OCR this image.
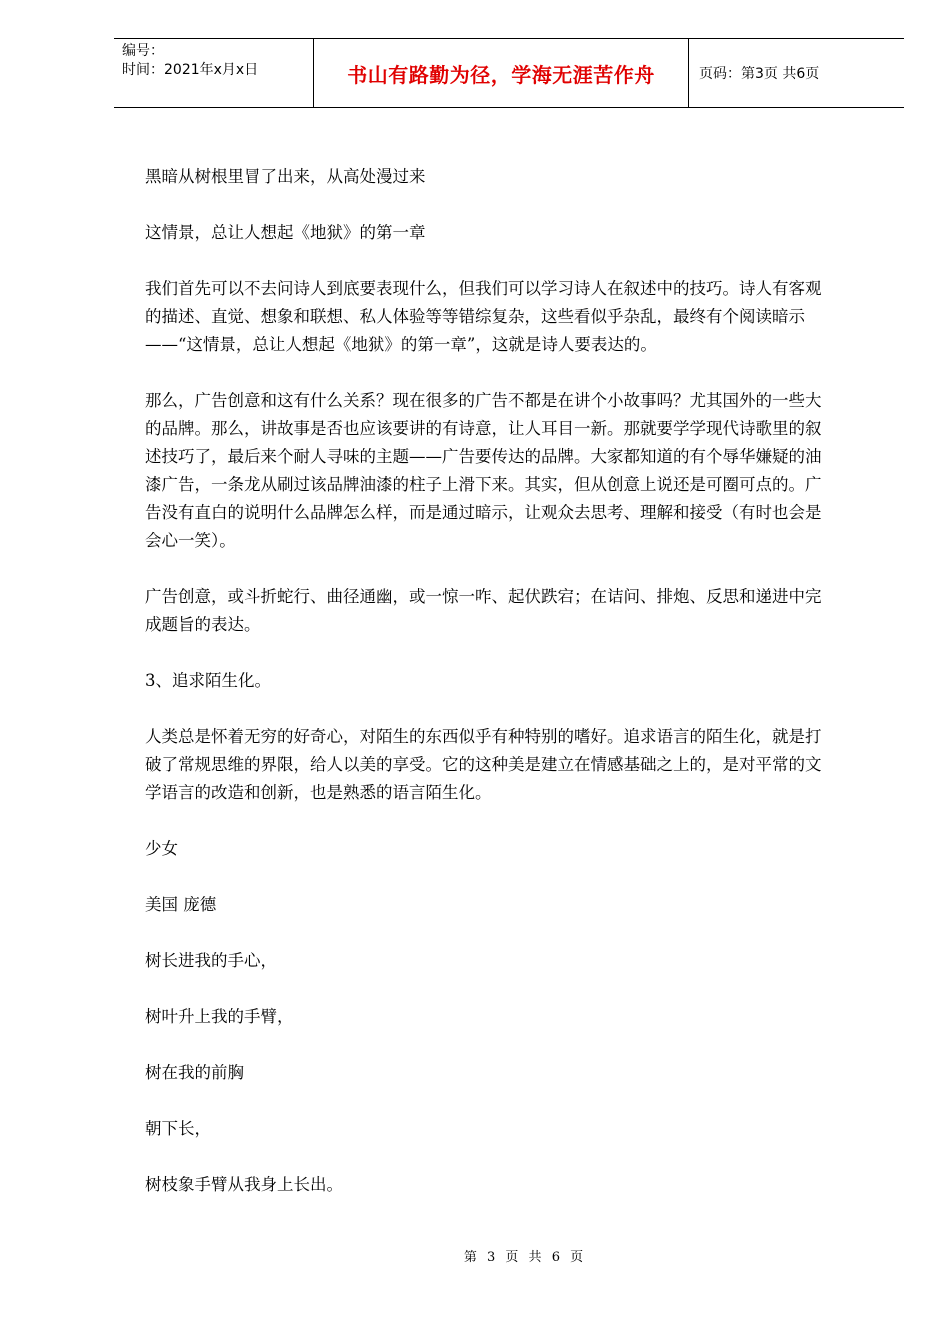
编号：
时间：2021年x月x日	书山有路勤为径，学海无涯苦作舟	页码：第3页 共6页

黑暗从树根里冒了出来，从高处漫过来

这情景，总让人想起《地狱》的第一章

我们首先可以不去问诗人到底要表现什么，但我们可以学习诗人在叙述中的技巧。诗人有客观的描述、直觉、想象和联想、私人体验等等错综复杂，这些看似乎杂乱，最终有个阅读暗示——“这情景，总让人想起《地狱》的第一章”，这就是诗人要表达的。

那么，广告创意和这有什么关系？现在很多的广告不都是在讲个小故事吗？尤其国外的一些大的品牌。那么，讲故事是否也应该要讲的有诗意，让人耳目一新。那就要学学现代诗歌里的叙述技巧了，最后来个耐人寻味的主题——广告要传达的品牌。大家都知道的有个辱华嫌疑的油漆广告，一条龙从刷过该品牌油漆的柱子上滑下来。其实，但从创意上说还是可圈可点的。广告没有直白的说明什么品牌怎么样，而是通过暗示，让观众去思考、理解和接受（有时也会是会心一笑）。

广告创意，或斗折蛇行、曲径通幽，或一惊一咋、起伏跌宕；在诘问、排炮、反思和递进中完成题旨的表达。

3、追求陌生化。

人类总是怀着无穷的好奇心，对陌生的东西似乎有种特别的嗜好。追求语言的陌生化，就是打破了常规思维的界限，给人以美的享受。它的这种美是建立在情感基础之上的，是对平常的文学语言的改造和创新，也是熟悉的语言陌生化。

少女

美国 庞德

树长进我的手心，

树叶升上我的手臂，

树在我的前胸

朝下长，

树枝象手臂从我身上长出。

第 3 页 共 6 页
